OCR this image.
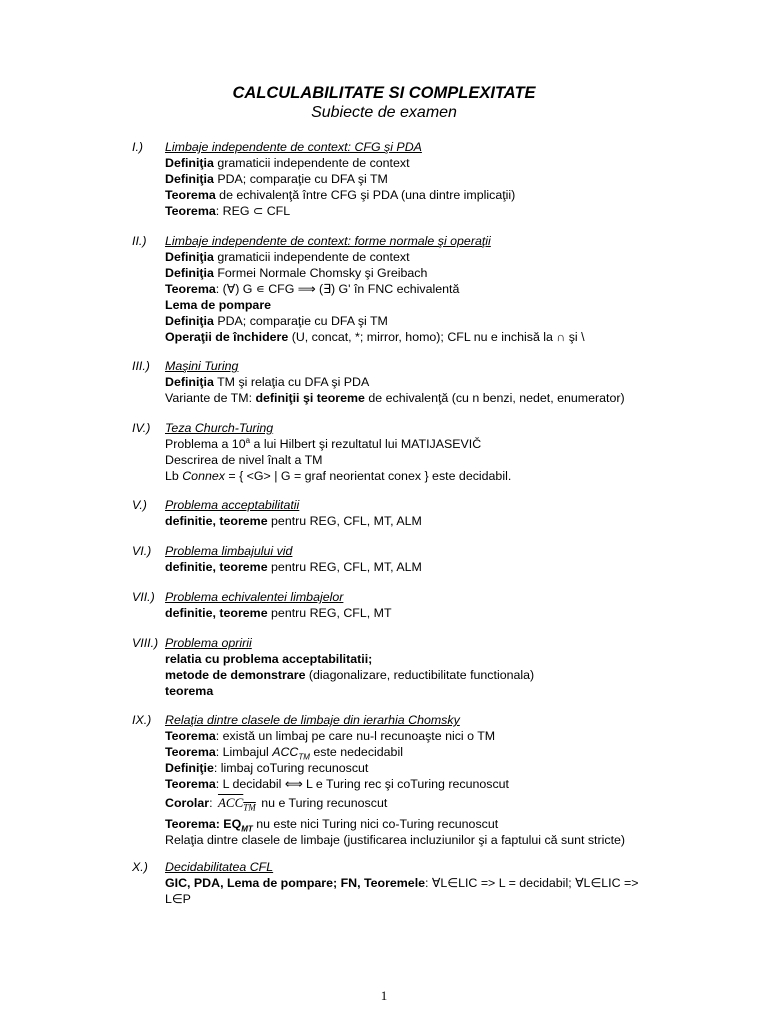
CALCULABILITATE SI COMPLEXITATE
Subiecte de examen
I.) Limbaje independente de context: CFG şi PDA
Definiţia gramaticii independente de context
Definiţia PDA; comparaţie cu DFA şi TM
Teorema de echivalenţă între CFG şi PDA (una dintre implicaţii)
Teorema: REG ⊂ CFL
II.) Limbaje independente de context: forme normale şi operaţii
Definiţia gramaticii independente de context
Definiţia Formei Normale Chomsky şi Greibach
Teorema: (∀) G ∊ CFG ⟹ (∃) G' în FNC echivalentă
Lema de pompare
Definiţia PDA; comparaţie cu DFA şi TM
Operaţii de închidere (U, concat, *; mirror, homo); CFL nu e inchisă la ∩ şi \
III.) Maşini Turing
Definiţia TM şi relaţia cu DFA şi PDA
Variante de TM: definiţii şi teoreme de echivalenţă (cu n benzi, nedet, enumerator)
IV.) Teza Church-Turing
Problema a 10$^a$ a lui Hilbert şi rezultatul lui MATIJASEVIČ
Descrirea de nivel înalt a TM
Lb Connex = { <G> | G = graf neorientat conex } este decidabil.
V.) Problema acceptabilitatii
definitie, teoreme pentru REG, CFL, MT, ALM
VI.) Problema limbajului vid
definitie, teoreme pentru REG, CFL, MT, ALM
VII.) Problema echivalentei limbajelor
definitie, teoreme pentru REG, CFL, MT
VIII.) Problema opririi
relatia cu problema acceptabilitatii;
metode de demonstrare (diagonalizare, reductibilitate functionala)
teorema
IX.) Relaţia dintre clasele de limbaje din ierarhia Chomsky
Teorema: există un limbaj pe care nu-l recunoaşte nici o TM
Teorema: Limbajul $ACC_{TM}$ este nedecidabil
Definiţie: limbaj coTuring recunoscut
Teorema: L decidabil ⟺ L e Turing rec şi coTuring recunoscut
Corolar: $ACC_{TM}$ nu e Turing recunoscut
Teorema: $EQ_{MT}$ nu este nici Turing nici co-Turing recunoscut
Relaţia dintre clasele de limbaje (justificarea incluziunilor şi a faptului că sunt stricte)
X.) Decidabilitatea CFL
GIC, PDA, Lema de pompare; FN, Teoremele: ∀L∈LIC => L = decidabil; ∀L∈LIC => L∈P
1
